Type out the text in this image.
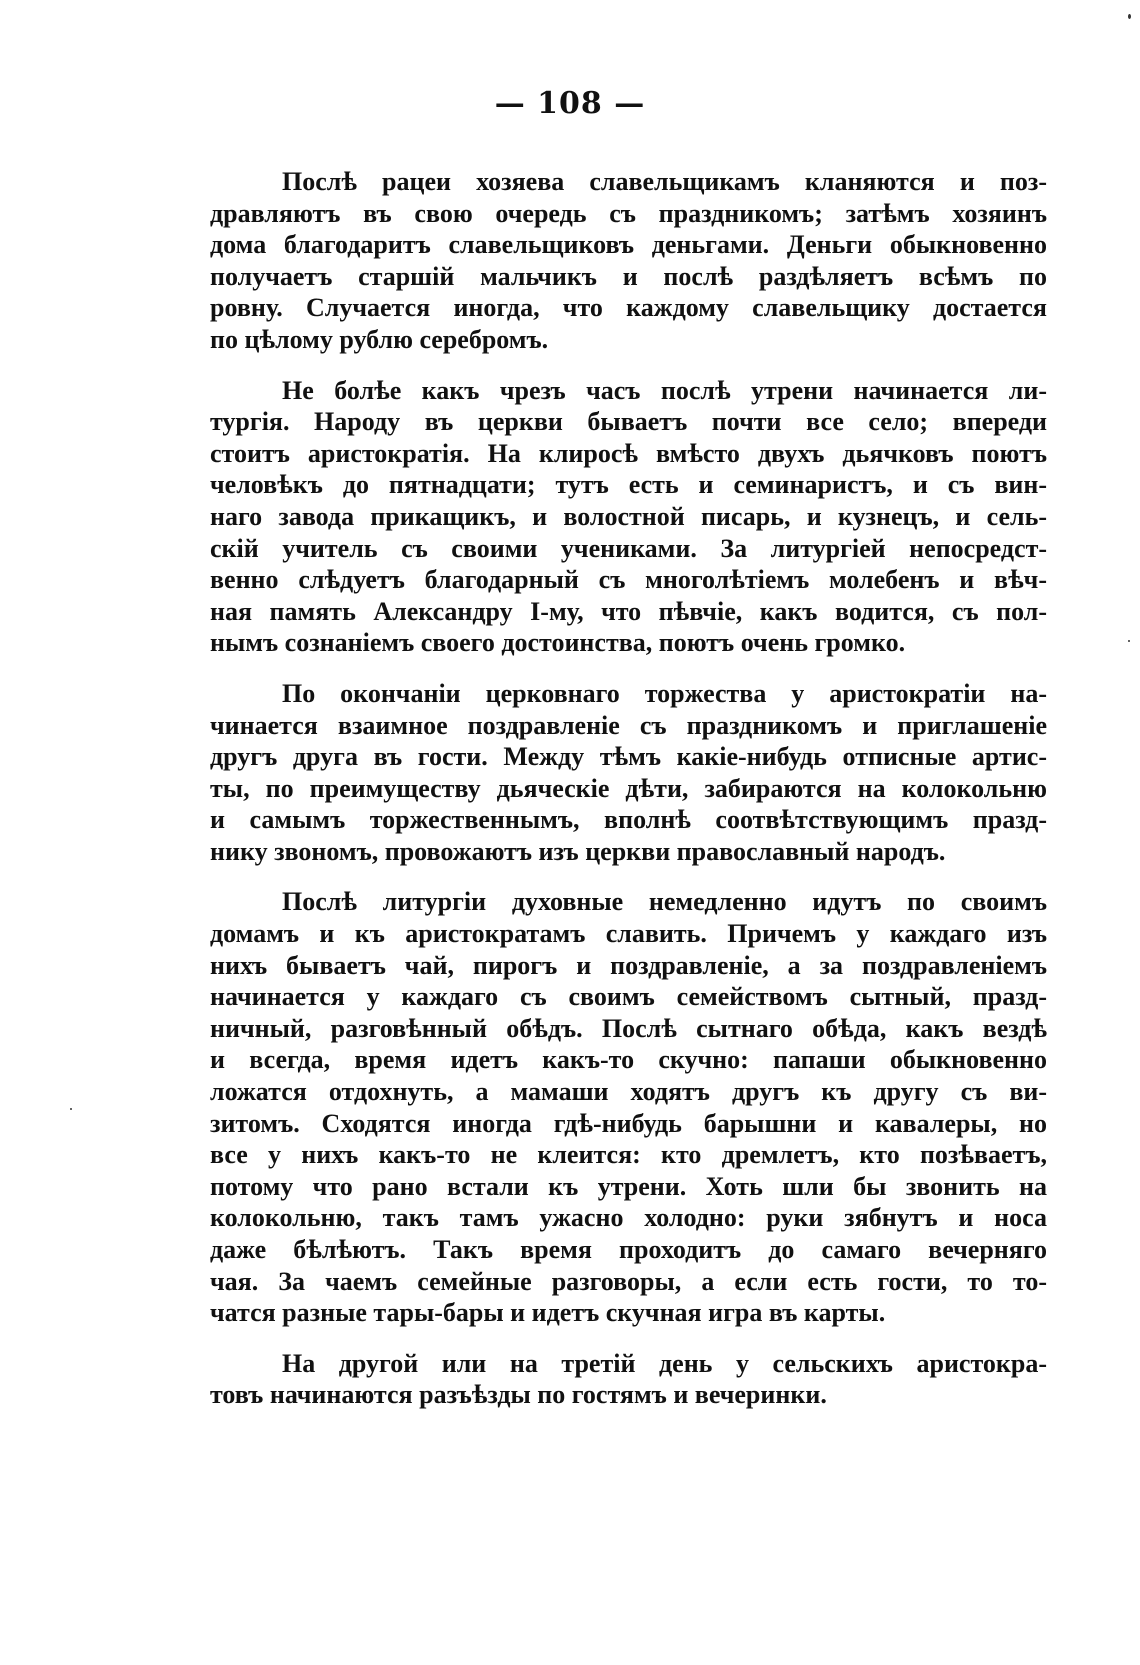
— 108 —
Послѣ рацеи хозяева славельщикамъ кланяются и поз-
дравляютъ въ свою очередь съ праздникомъ; затѣмъ хозяинъ
дома благодаритъ славельщиковъ деньгами. Деньги обыкновенно
получаетъ старшій мальчикъ и послѣ раздѣляетъ всѣмъ по
ровну. Случается иногда, что каждому славельщику достается
по цѣлому рублю серебромъ.
Не болѣе какъ чрезъ часъ послѣ утрени начинается ли-
тургія. Народу въ церкви бываетъ почти все село; впереди
стоитъ аристократія. На клиросѣ вмѣсто двухъ дьячковъ поютъ
человѣкъ до пятнадцати; тутъ есть и семинаристъ, и съ вин-
наго завода прикащикъ, и волостной писарь, и кузнецъ, и сель-
скій учитель съ своими учениками. За литургіей непосредст-
венно слѣдуетъ благодарный съ многолѣтіемъ молебенъ и вѣч-
ная память Александру I-му, что пѣвчіе, какъ водится, съ пол-
нымъ сознаніемъ своего достоинства, поютъ очень громко.
По окончаніи церковнаго торжества у аристократіи на-
чинается взаимное поздравленіе съ праздникомъ и приглашеніе
другъ друга въ гости. Между тѣмъ какіе-нибудь отписные артис-
ты, по преимуществу дьяческіе дѣти, забираются на колокольню
и самымъ торжественнымъ, вполнѣ соотвѣтствующимъ празд-
нику звономъ, провожаютъ изъ церкви православный народъ.
Послѣ литургіи духовные немедленно идутъ по своимъ
домамъ и къ аристократамъ славить. Причемъ у каждаго изъ
нихъ бываетъ чай, пирогъ и поздравленіе, а за поздравленіемъ
начинается у каждаго съ своимъ семействомъ сытный, празд-
ничный, разговѣнный обѣдъ. Послѣ сытнаго обѣда, какъ вездѣ
и всегда, время идетъ какъ-то скучно: папаши обыкновенно
ложатся отдохнуть, а мамаши ходятъ другъ къ другу съ ви-
зитомъ. Сходятся иногда гдѣ-нибудь барышни и кавалеры, но
все у нихъ какъ-то не клеится: кто дремлетъ, кто позѣваетъ,
потому что рано встали къ утрени. Хоть шли бы звонить на
колокольню, такъ тамъ ужасно холодно: руки зябнутъ и носа
даже бѣлѣютъ. Такъ время проходитъ до самаго вечерняго
чая. За чаемъ семейные разговоры, а если есть гости, то то-
чатся разные тары-бары и идетъ скучная игра въ карты.
На другой или на третій день у сельскихъ аристокра-
товъ начинаются разъѣзды по гостямъ и вечеринки.
